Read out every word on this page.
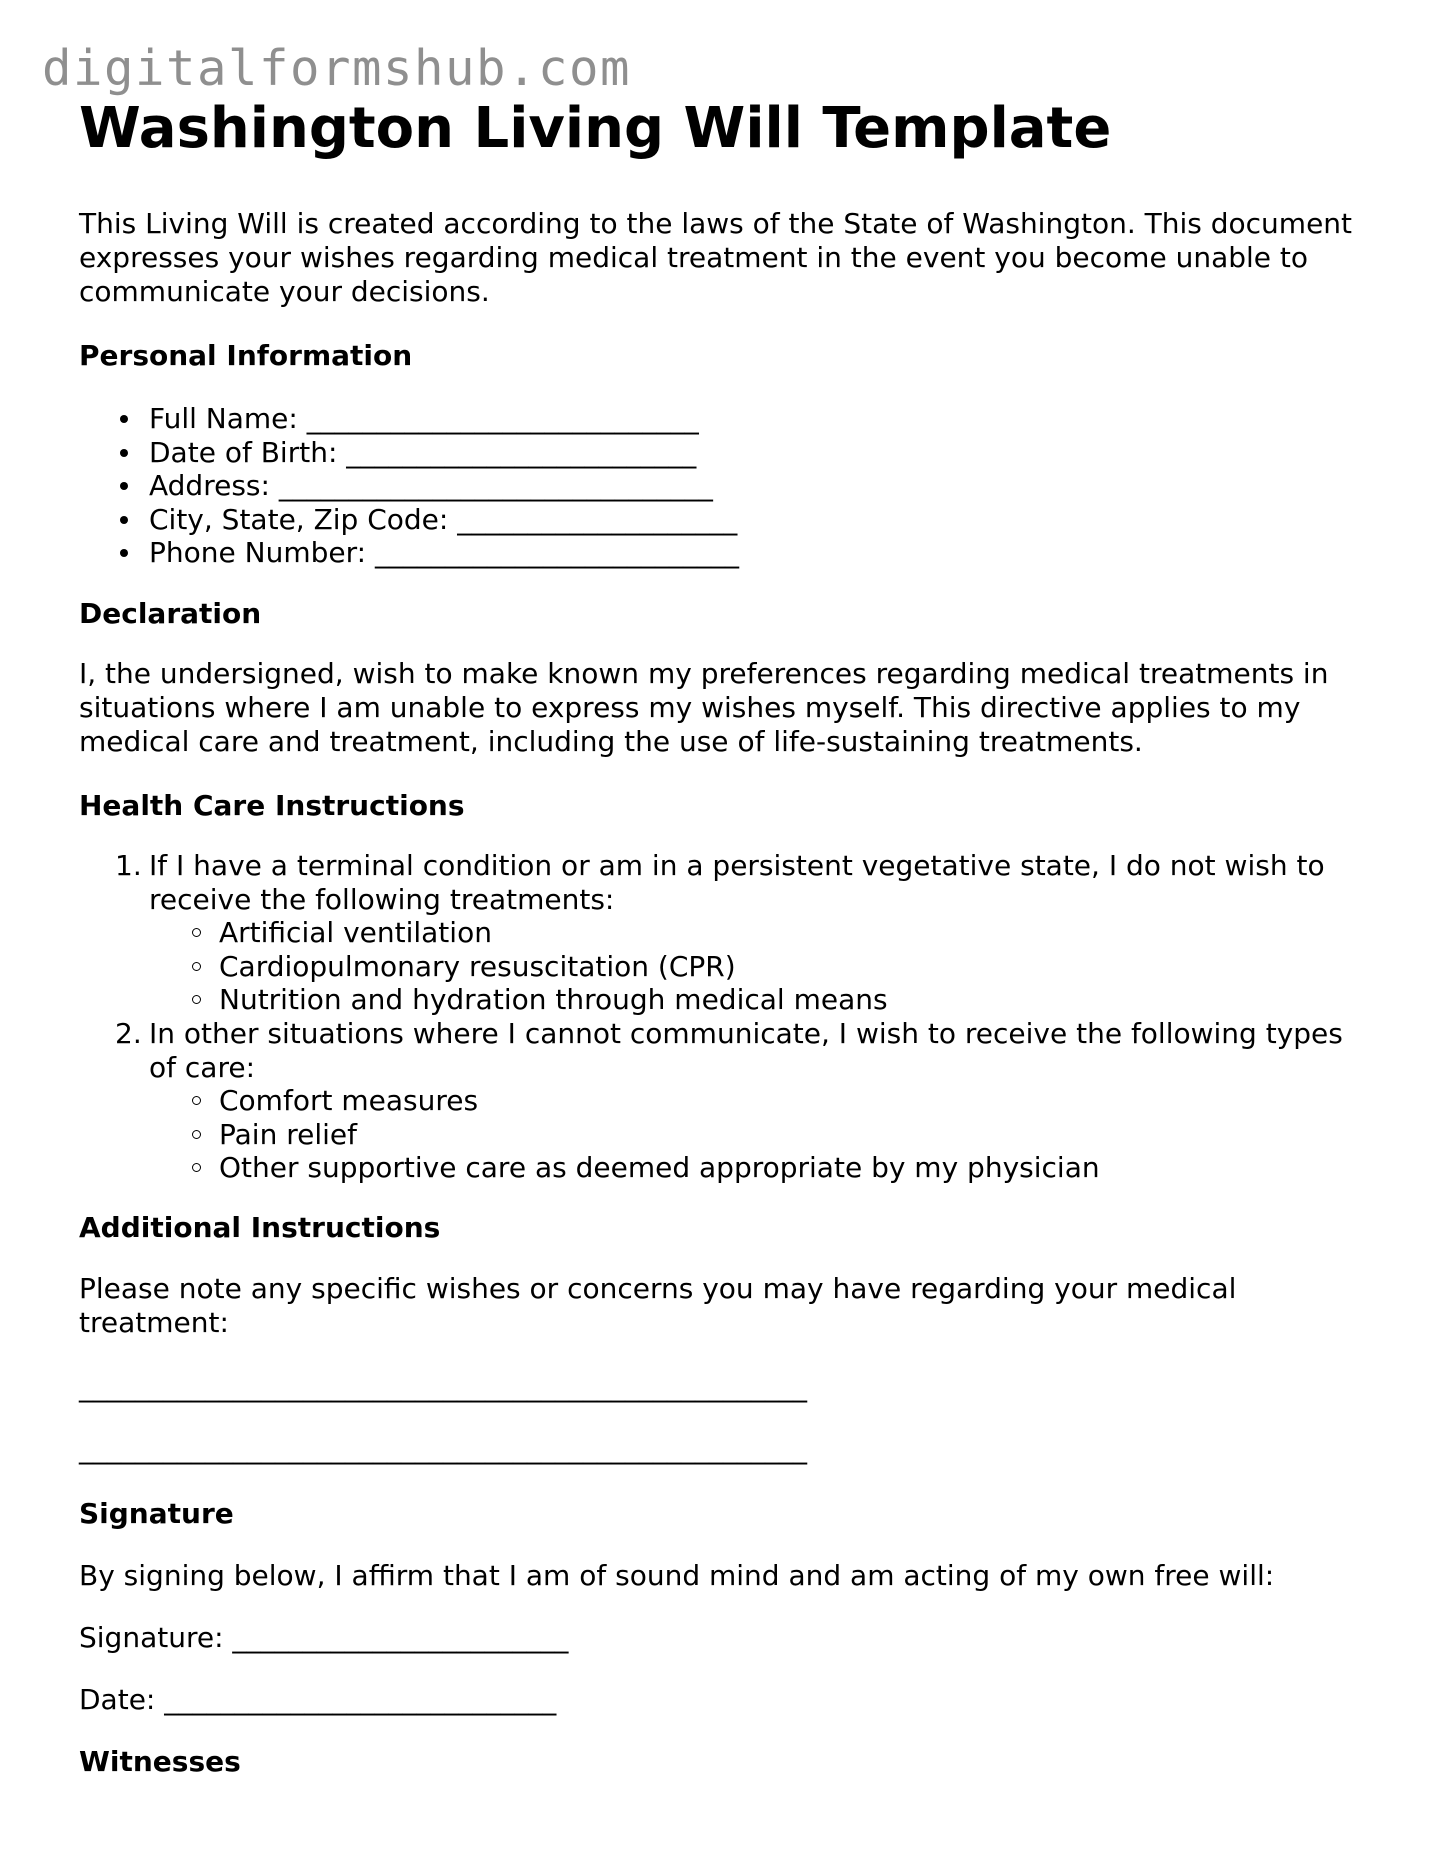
digitalformshub.com
Washington Living Will Template

This Living Will is created according to the laws of the State of Washington. This document expresses your wishes regarding medical treatment in the event you become unable to communicate your decisions.

Personal Information
Full Name: ____________________________
Date of Birth: _________________________
Address: _______________________________
City, State, Zip Code: ____________________
Phone Number: __________________________
Declaration

I, the undersigned, wish to make known my preferences regarding medical treatments in situations where I am unable to express my wishes myself. This directive applies to my medical care and treatment, including the use of life-sustaining treatments.

Health Care Instructions
1. If I have a terminal condition or am in a persistent vegetative state, I do not wish to receive the following treatments:
Artificial ventilation
Cardiopulmonary resuscitation (CPR)
Nutrition and hydration through medical means
2. In other situations where I cannot communicate, I wish to receive the following types of care:
Comfort measures
Pain relief
Other supportive care as deemed appropriate by my physician
Additional Instructions

Please note any specific wishes or concerns you may have regarding your medical treatment:

____________________________________________________
____________________________________________________
Signature

By signing below, I affirm that I am of sound mind and am acting of my own free will:

Signature: ________________________
Date: ____________________________
Witnesses
